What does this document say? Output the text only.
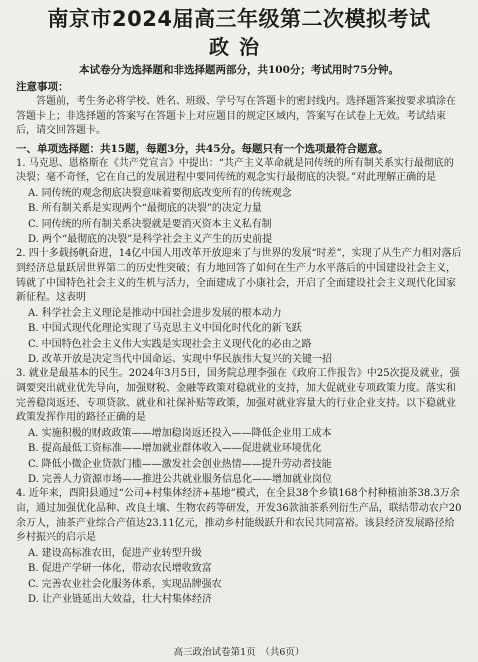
南京市2024届高三年级第二次模拟考试
政治
本试卷分为选择题和非选择题两部分，共100分；考试用时75分钟。
注意事项：

答题前，考生务必将学校、姓名、班级、学号写在答题卡的密封线内。选择题答案按要求填涂在答题卡上；非选择题的答案写在答题卡上对应题目的规定区域内，答案写在试卷上无效。考试结束后，请交回答题卡。

一、单项选择题：共15题，每题3分，共45分。每题只有一个选项最符合题意。

1. 马克思、恩格斯在《共产党宣言》中提出：“共产主义革命就是同传统的所有制关系实行最彻底的决裂；毫不奇怪，它在自己的发展进程中要同传统的观念实行最彻底的决裂。”对此理解正确的是

A. 同传统的观念彻底决裂意味着要彻底改变所有的传统观念

B. 所有制关系是实现两个“最彻底的决裂”的决定力量

C. 同传统的所有制关系决裂就是要消灭资本主义私有制

D. 两个“最彻底的决裂”是科学社会主义产生的历史前提

2. 四十多载扬帆奋进，14亿中国人用改革开放迎来了与世界的发展“时差”，实现了从生产力相对落后到经济总量跃居世界第二的历史性突破；有力地回答了如何在生产力水平落后的中国建设社会主义，铸就了中国特色社会主义的生机与活力，全面建成了小康社会，开启了全面建设社会主义现代化国家新征程。这表明

A. 科学社会主义理论是推动中国社会进步发展的根本动力

B. 中国式现代化理论实现了马克思主义中国化时代化的新飞跃

C. 中国特色社会主义伟大实践是实现社会主义现代化的必由之路

D. 改革开放是决定当代中国命运、实现中华民族伟大复兴的关键一招

3. 就业是最基本的民生。2024年3月5日，国务院总理李强在《政府工作报告》中25次提及就业，强调要突出就业优先导向，加强财税、金融等政策对稳就业的支持，加大促就业专项政策力度。落实和完善稳岗返还、专项贷款、就业和社保补贴等政策，加强对就业容量大的行业企业支持。以下稳就业政策发挥作用的路径正确的是

A. 实施积极的财政政策——增加稳岗返还投入——降低企业用工成本

B. 提高最低工资标准——增加就业群体收入——促进就业环境优化

C. 降低小微企业贷款门槛——激发社会创业热情——提升劳动者技能

D. 完善人力资源市场——推进公共就业服务信息化——增加就业岗位

4. 近年来，酉阳县通过“公司+村集体经济+基地”模式，在全县38个乡镇168个村种植油茶38.3万余亩，通过加强优化品种、改良土壤、生物农药等研发，开发36款油茶系列衍生产品，联结带动农户20余万人，油茶产业综合产值达23.11亿元，推动乡村能级跃升和农民共同富裕。该县经济发展路径给乡村振兴的启示是

A. 建设高标准农田，促进产业转型升级

B. 促进产学研一体化，带动农民增收致富

C. 完善农业社会化服务体系，实现品牌强农

D. 让产业链延出大效益，壮大村集体经济

高三政治试卷第1页　（共6页）
